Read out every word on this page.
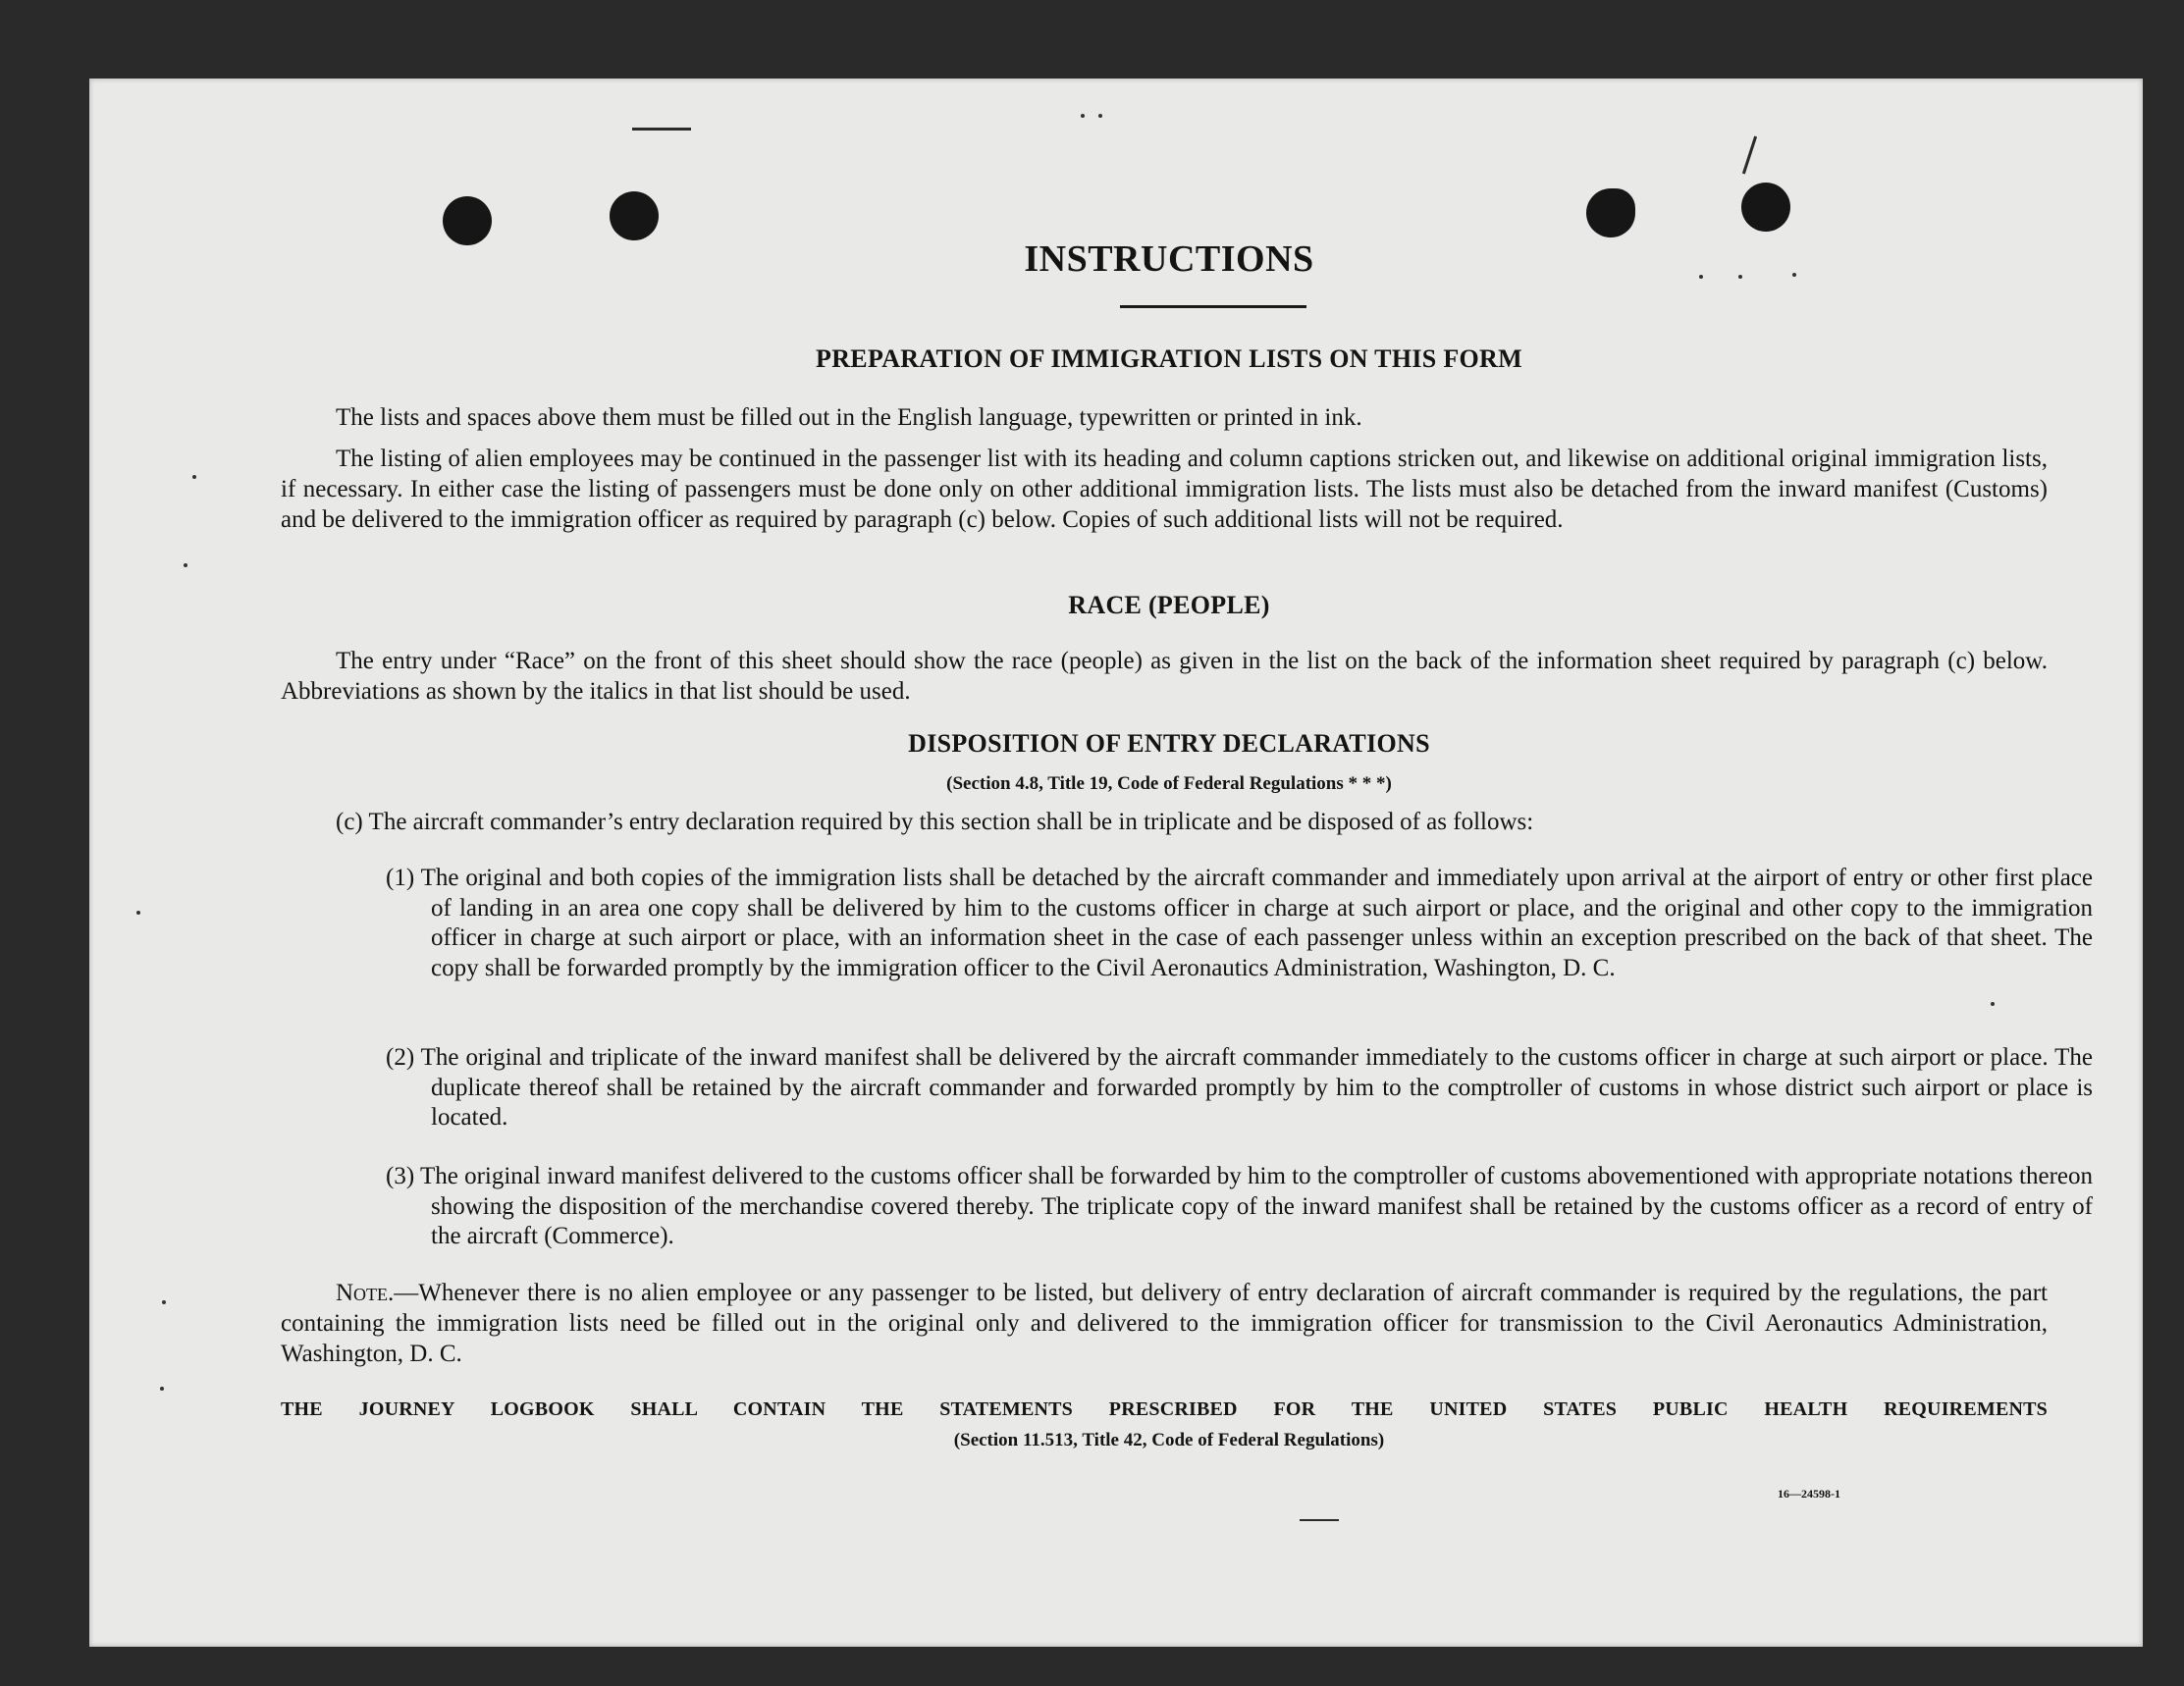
INSTRUCTIONS
PREPARATION OF IMMIGRATION LISTS ON THIS FORM
The lists and spaces above them must be filled out in the English language, typewritten or printed in ink.
The listing of alien employees may be continued in the passenger list with its heading and column captions stricken out, and likewise on additional original immigration lists, if necessary. In either case the listing of passengers must be done only on other additional immigration lists. The lists must also be detached from the inward manifest (Customs) and be delivered to the immigration officer as required by paragraph (c) below. Copies of such additional lists will not be required.
RACE (PEOPLE)
The entry under “Race” on the front of this sheet should show the race (people) as given in the list on the back of the information sheet required by paragraph (c) below. Abbreviations as shown by the italics in that list should be used.
DISPOSITION OF ENTRY DECLARATIONS
(Section 4.8, Title 19, Code of Federal Regulations * * *)
(c) The aircraft commander’s entry declaration required by this section shall be in triplicate and be disposed of as follows:
(1) The original and both copies of the immigration lists shall be detached by the aircraft commander and immediately upon arrival at the airport of entry or other first place of landing in an area one copy shall be delivered by him to the customs officer in charge at such airport or place, and the original and other copy to the immigration officer in charge at such airport or place, with an information sheet in the case of each passenger unless within an exception prescribed on the back of that sheet. The copy shall be forwarded promptly by the immigration officer to the Civil Aeronautics Administration, Washington, D. C.
(2) The original and triplicate of the inward manifest shall be delivered by the aircraft commander immediately to the customs officer in charge at such airport or place. The duplicate thereof shall be retained by the aircraft commander and forwarded promptly by him to the comptroller of customs in whose district such airport or place is located.
(3) The original inward manifest delivered to the customs officer shall be forwarded by him to the comptroller of customs abovementioned with appropriate notations thereon showing the disposition of the merchandise covered thereby. The triplicate copy of the inward manifest shall be retained by the customs officer as a record of entry of the aircraft (Commerce).
Note.—Whenever there is no alien employee or any passenger to be listed, but delivery of entry declaration of aircraft commander is required by the regulations, the part containing the immigration lists need be filled out in the original only and delivered to the immigration officer for transmission to the Civil Aeronautics Administration, Washington, D. C.
THE JOURNEY LOGBOOK SHALL CONTAIN THE STATEMENTS PRESCRIBED FOR THE UNITED STATES PUBLIC HEALTH REQUIREMENTS
(Section 11.513, Title 42, Code of Federal Regulations)
16—24598-1
